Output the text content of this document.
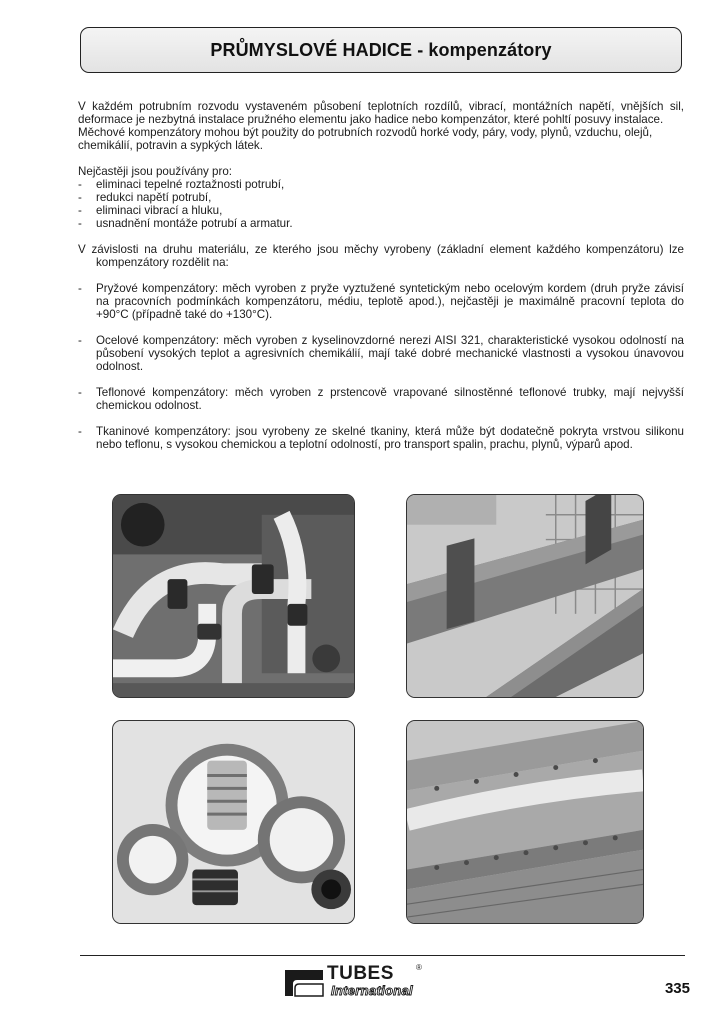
PRŮMYSLOVÉ HADICE - kompenzátory

V každém potrubním rozvodu vystaveném působení teplotních rozdílů, vibrací, montážních napětí, vnějších sil, deformace je nezbytná instalace pružného elementu jako hadice nebo kompenzátor, které pohltí posuvy instalace.

Měchové kompenzátory mohou být použity do potrubních rozvodů horké vody, páry, vody, plynů, vzduchu, olejů, chemikálií, potravin a sypkých látek.

Nejčastěji jsou používány pro:

-	eliminaci tepelné roztažnosti potrubí,
-	redukci napětí potrubí,
-	eliminaci vibrací a hluku,
-	usnadnění montáže potrubí a armatur.

V závislosti na druhu materiálu, ze kterého jsou měchy vyrobeny (základní element každého kompenzátoru) lze kompenzátory rozdělit na:

-	Pryžové kompenzátory: měch vyroben z pryže vyztužené syntetickým nebo ocelovým kordem (druh pryže závisí na pracovních podmínkách kompenzátoru, médiu, teplotě apod.), nejčastěji je maximálně pracovní teplota do +90°C (případně také do +130°C).
-	Ocelové kompenzátory: měch vyroben z kyselinovzdorné nerezi AISI 321, charakteristické vysokou odolností na působení vysokých teplot a agresivních chemikálií, mají také dobré mechanické vlastnosti a vysokou únavovou odolnost.
-	Teflonové kompenzátory: měch vyroben z prstencově vrapované silnostěnné teflonové trubky, mají nejvyšší chemickou odolnost.
-	Tkaninové kompenzátory: jsou vyrobeny ze skelné tkaniny, která může být dodatečně pokryta vrstvou silikonu nebo teflonu, s vysokou chemickou a teplotní odolností, pro transport spalin, prachu, plynů, výparů apod.
TUBES	®
International	335
